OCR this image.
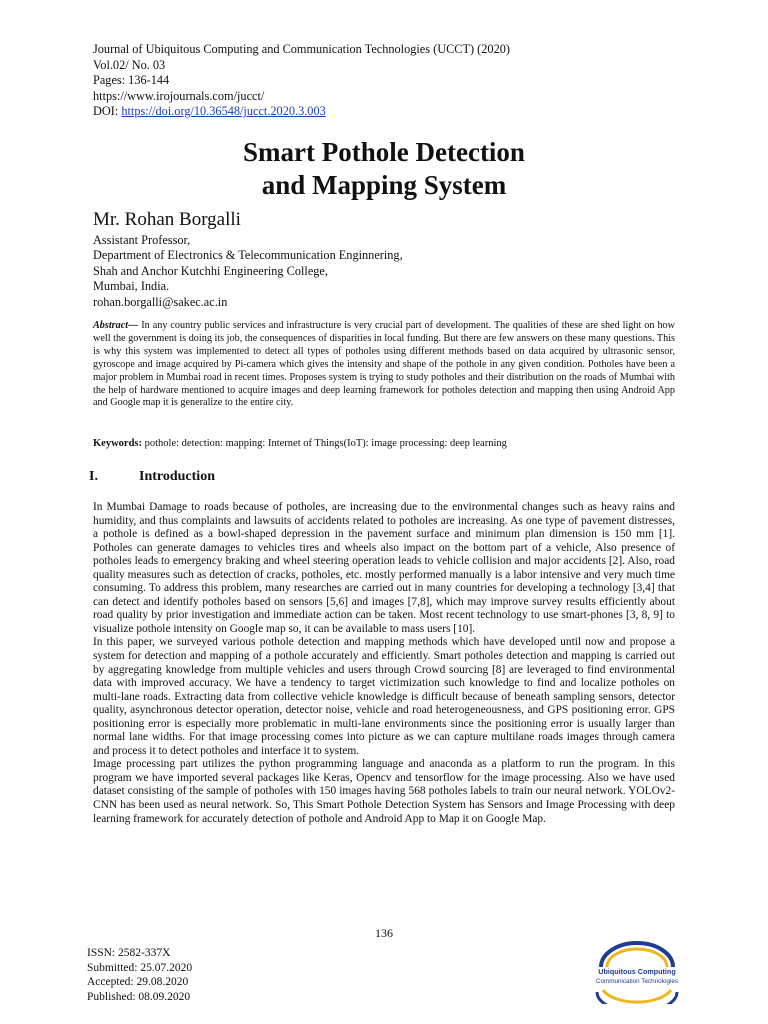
Journal of Ubiquitous Computing and Communication Technologies (UCCT) (2020)
Vol.02/ No. 03
Pages: 136-144
https://www.irojournals.com/jucct/
DOI: https://doi.org/10.36548/jucct.2020.3.003
Smart Pothole Detection
and Mapping System
Mr. Rohan Borgalli
Assistant Professor,
Department of Electronics & Telecommunication Enginnering,
Shah and Anchor Kutchhi Engineering College,
Mumbai, India.
rohan.borgalli@sakec.ac.in
Abstract— In any country public services and infrastructure is very crucial part of development. The qualities of these are shed light on how well the government is doing its job, the consequences of disparities in local funding. But there are few answers on these many questions. This is why this system was implemented to detect all types of potholes using different methods based on data acquired by ultrasonic sensor, gyroscope and image acquired by Pi-camera which gives the intensity and shape of the pothole in any given condition. Potholes have been a major problem in Mumbai road in recent times. Proposes system is trying to study potholes and their distribution on the roads of Mumbai with the help of hardware mentioned to acquire images and deep learning framework for potholes detection and mapping then using Android App and Google map it is generalize to the entire city.
Keywords: pothole: detection: mapping: Internet of Things(IoT): image processing: deep learning
I.	Introduction

In Mumbai Damage to roads because of potholes, are increasing due to the environmental changes such as heavy rains and humidity, and thus complaints and lawsuits of accidents related to potholes are increasing. As one type of pavement distresses, a pothole is defined as a bowl-shaped depression in the pavement surface and minimum plan dimension is 150 mm [1]. Potholes can generate damages to vehicles tires and wheels also impact on the bottom part of a vehicle, Also presence of potholes leads to emergency braking and wheel steering operation leads to vehicle collision and major accidents [2]. Also, road quality measures such as detection of cracks, potholes, etc. mostly performed manually is a labor intensive and very much time consuming. To address this problem, many researches are carried out in many countries for developing a technology [3,4] that can detect and identify potholes based on sensors [5,6] and images [7,8], which may improve survey results efficiently about road quality by prior investigation and immediate action can be taken. Most recent technology to use smart-phones [3, 8, 9] to visualize pothole intensity on Google map so, it can be available to mass users [10].

In this paper, we surveyed various pothole detection and mapping methods which have developed until now and propose a system for detection and mapping of a pothole accurately and efficiently. Smart potholes detection and mapping is carried out by aggregating knowledge from multiple vehicles and users through Crowd sourcing [8] are leveraged to find environmental data with improved accuracy. We have a tendency to target victimization such knowledge to find and localize potholes on multi-lane roads. Extracting data from collective vehicle knowledge is difficult because of beneath sampling sensors, detector quality, asynchronous detector operation, detector noise, vehicle and road heterogeneousness, and GPS positioning error. GPS positioning error is especially more problematic in multi-lane environments since the positioning error is usually larger than normal lane widths. For that image processing comes into picture as we can capture multilane roads images through camera and process it to detect potholes and interface it to system.

Image processing part utilizes the python programming language and anaconda as a platform to run the program. In this program we have imported several packages like Keras, Opencv and tensorflow for the image processing. Also we have used dataset consisting of the sample of potholes with 150 images having 568 potholes labels to train our neural network. YOLOv2-CNN has been used as neural network. So, This Smart Pothole Detection System has Sensors and Image Processing with deep learning framework for accurately detection of pothole and Android App to Map it on Google Map.

136
ISSN: 2582-337X
Submitted: 25.07.2020
Accepted: 29.08.2020
Published: 08.09.2020
Ubiquitous Computing
Communication Technologies
